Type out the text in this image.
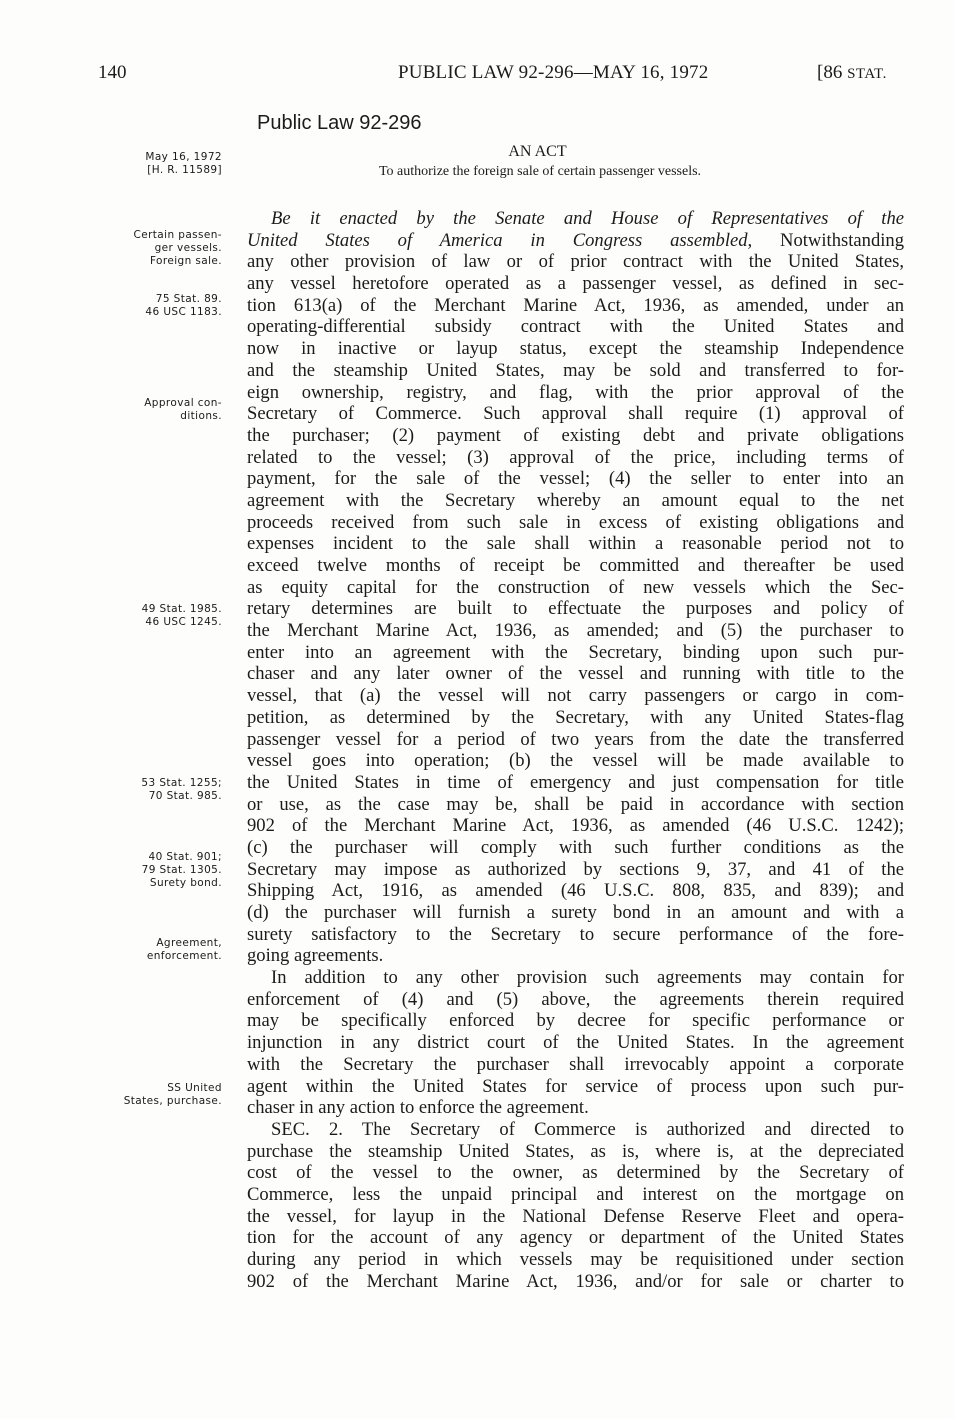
140	PUBLIC LAW 92-296—MAY 16, 1972	[86 STAT.
Public Law 92-296
AN ACT
To authorize the foreign sale of certain passenger vessels.
May 16, 1972
[H. R. 11589]
Certain passen-
ger vessels.
Foreign sale.
75 Stat. 89.
46 USC 1183.
Approval con-
ditions.
49 Stat. 1985.
46 USC 1245.
53 Stat. 1255;
70 Stat. 985.
40 Stat. 901;
79 Stat. 1305.
Surety bond.
Agreement,
enforcement.
SS United
States, purchase.
Be it enacted by the Senate and House of Representatives of the
United States of America in Congress assembled, Notwithstanding
any other provision of law or of prior contract with the United States,
any vessel heretofore operated as a passenger vessel, as defined in sec-
tion 613(a) of the Merchant Marine Act, 1936, as amended, under an
operating-differential subsidy contract with the United States and
now in inactive or layup status, except the steamship Independence
and the steamship United States, may be sold and transferred to for-
eign ownership, registry, and flag, with the prior approval of the
Secretary of Commerce. Such approval shall require (1) approval of
the purchaser; (2) payment of existing debt and private obligations
related to the vessel; (3) approval of the price, including terms of
payment, for the sale of the vessel; (4) the seller to enter into an
agreement with the Secretary whereby an amount equal to the net
proceeds received from such sale in excess of existing obligations and
expenses incident to the sale shall within a reasonable period not to
exceed twelve months of receipt be committed and thereafter be used
as equity capital for the construction of new vessels which the Sec-
retary determines are built to effectuate the purposes and policy of
the Merchant Marine Act, 1936, as amended; and (5) the purchaser to
enter into an agreement with the Secretary, binding upon such pur-
chaser and any later owner of the vessel and running with title to the
vessel, that (a) the vessel will not carry passengers or cargo in com-
petition, as determined by the Secretary, with any United States-flag
passenger vessel for a period of two years from the date the transferred
vessel goes into operation; (b) the vessel will be made available to
the United States in time of emergency and just compensation for title
or use, as the case may be, shall be paid in accordance with section
902 of the Merchant Marine Act, 1936, as amended (46 U.S.C. 1242);
(c) the purchaser will comply with such further conditions as the
Secretary may impose as authorized by sections 9, 37, and 41 of the
Shipping Act, 1916, as amended (46 U.S.C. 808, 835, and 839); and
(d) the purchaser will furnish a surety bond in an amount and with a
surety satisfactory to the Secretary to secure performance of the fore-
going agreements.
In addition to any other provision such agreements may contain for
enforcement of (4) and (5) above, the agreements therein required
may be specifically enforced by decree for specific performance or
injunction in any district court of the United States. In the agreement
with the Secretary the purchaser shall irrevocably appoint a corporate
agent within the United States for service of process upon such pur-
chaser in any action to enforce the agreement.
SEC. 2. The Secretary of Commerce is authorized and directed to
purchase the steamship United States, as is, where is, at the depreciated
cost of the vessel to the owner, as determined by the Secretary of
Commerce, less the unpaid principal and interest on the mortgage on
the vessel, for layup in the National Defense Reserve Fleet and opera-
tion for the account of any agency or department of the United States
during any period in which vessels may be requisitioned under section
902 of the Merchant Marine Act, 1936, and/or for sale or charter to
